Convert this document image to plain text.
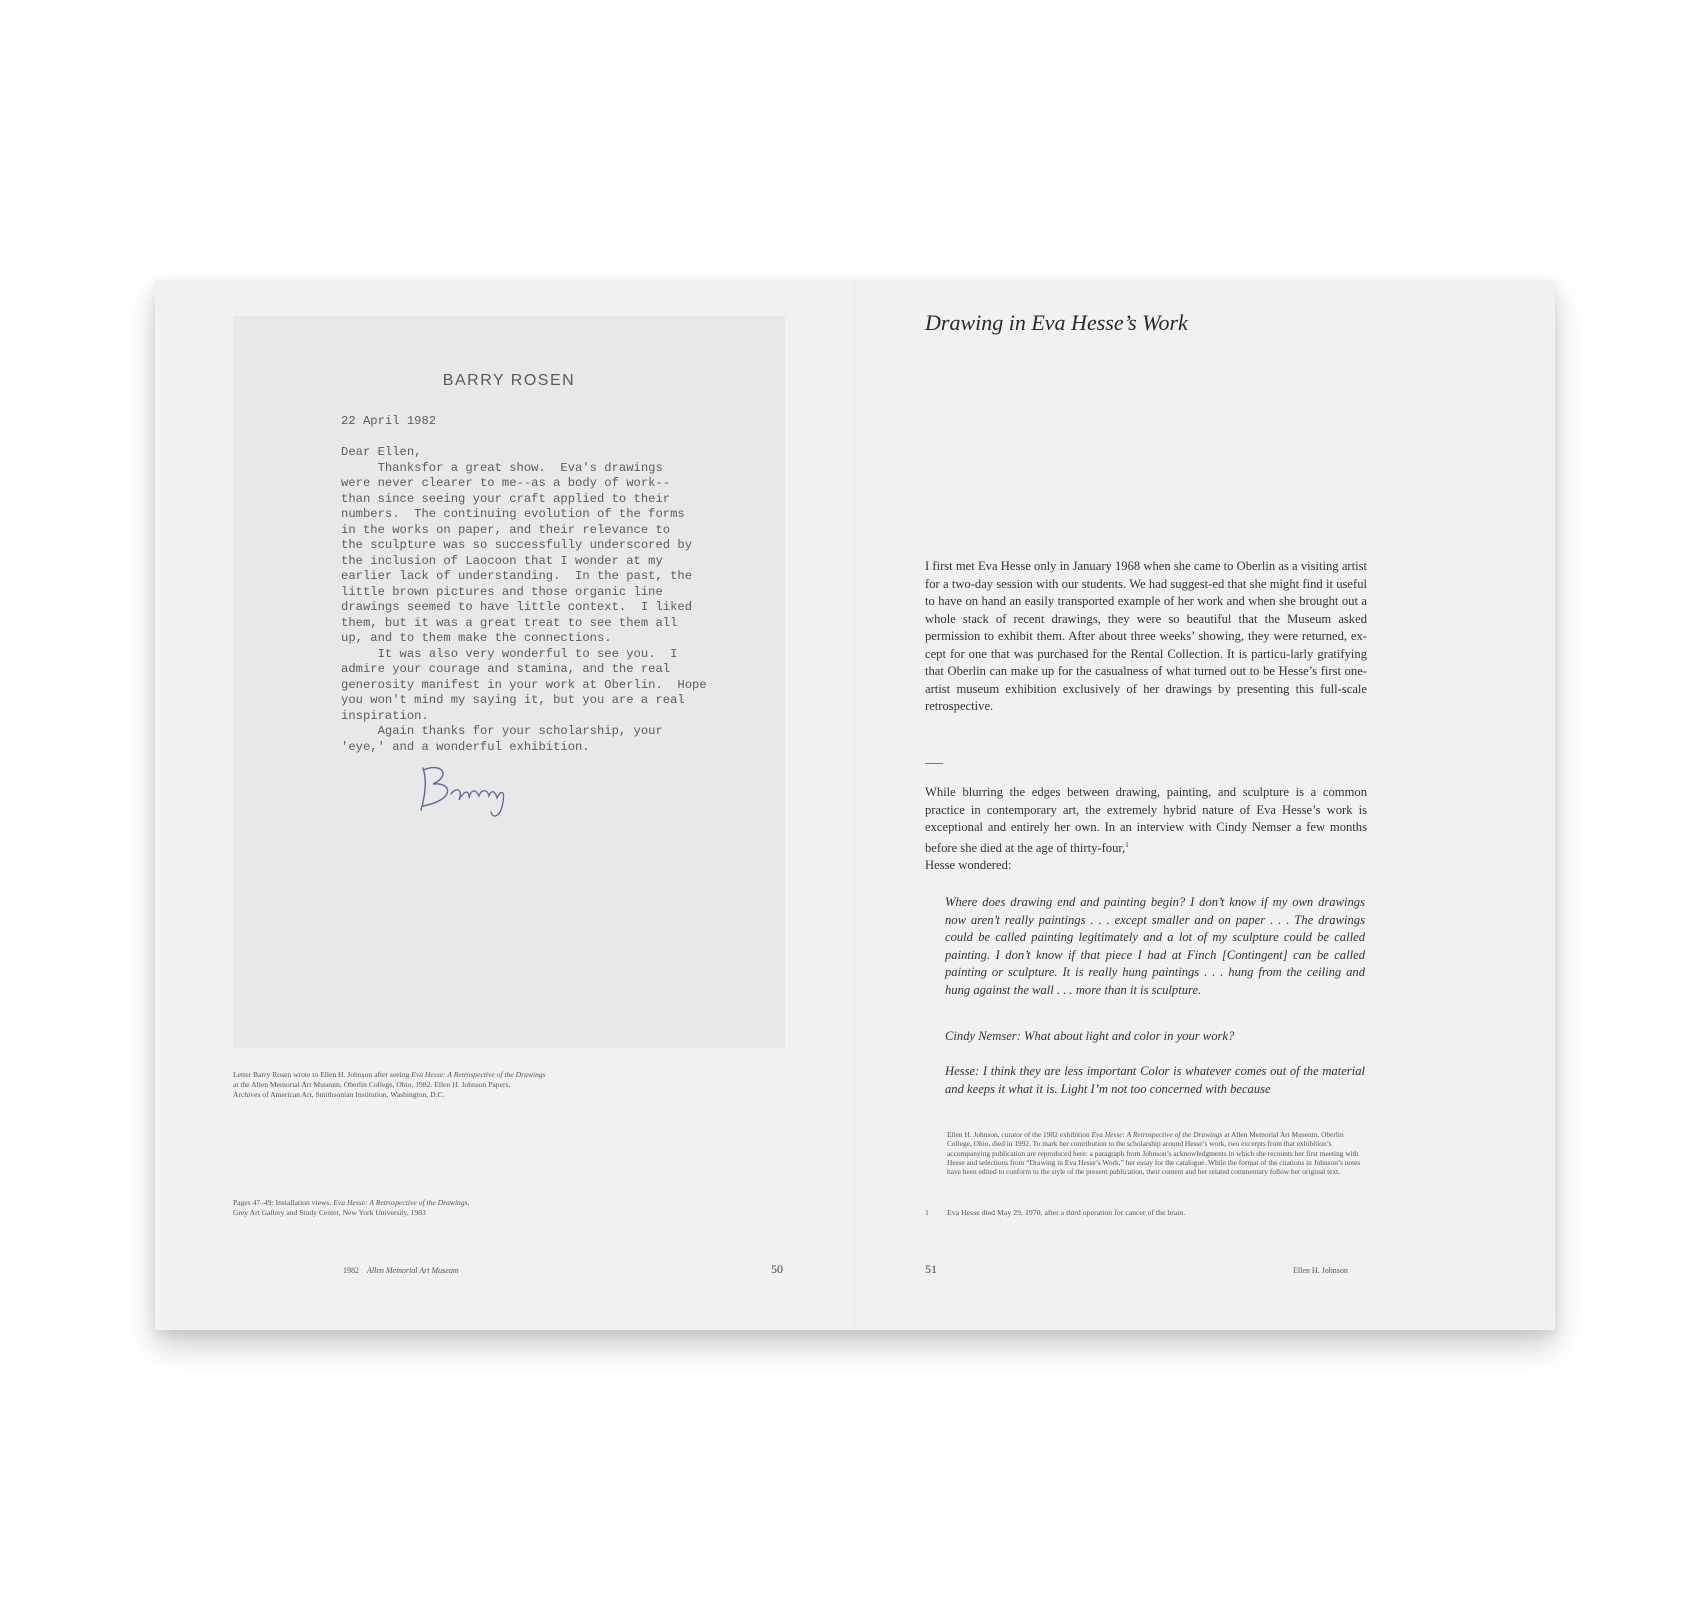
BARRY ROSEN
22 April 1982

Dear Ellen,
Thanksfor a great show.  Eva's drawings
were never clearer to me--as a body of work--
than since seeing your craft applied to their
numbers.  The continuing evolution of the forms
in the works on paper, and their relevance to
the sculpture was so successfully underscored by
the inclusion of Laocoon that I wonder at my
earlier lack of understanding.  In the past, the
little brown pictures and those organic line
drawings seemed to have little context.  I liked
them, but it was a great treat to see them all
up, and to them make the connections.
It was also very wonderful to see you.  I
admire your courage and stamina, and the real
generosity manifest in your work at Oberlin.  Hope
you won't mind my saying it, but you are a real
inspiration.
Again thanks for your scholarship, your
'eye,' and a wonderful exhibition.

Letter Barry Rosen wrote to Ellen H. Johnson after seeing Eva Hesse: A Retrospective of the Drawings

at the Allen Memorial Art Museum, Oberlin College, Ohio, 1982. Ellen H. Johnson Papers,

Archives of American Art, Smithsonian Institution, Washington, D.C.

Pages 47–49: Installation views, Eva Hesse: A Retrospective of the Drawings,

Grey Art Gallery and Study Center, New York University, 1983

1982 Allen Memorial Art Museum	50
Drawing in Eva Hesse’s Work

I first met Eva Hesse only in January 1968 when she came to Oberlin as a visiting artist for a two-day session with our students. We had suggest-ed that she might find it useful to have on hand an easily transported example of her work and when she brought out a whole stack of recent drawings, they were so beautiful that the Museum asked permission to exhibit them. After about three weeks’ showing, they were returned, ex-cept for one that was purchased for the Rental Collection. It is particu-larly gratifying that Oberlin can make up for the casualness of what turned out to be Hesse’s first one-artist museum exhibition exclusively of her drawings by presenting this full-scale retrospective.

While blurring the edges between drawing, painting, and sculpture is a common practice in contemporary art, the extremely hybrid nature of Eva Hesse’s work is exceptional and entirely her own. In an interview with Cindy Nemser a few months before she died at the age of thirty-four,$^1$
Hesse wondered:

Where does drawing end and painting begin? I don’t know if my own drawings now aren’t really paintings . . . except smaller and on paper . . . The drawings could be called painting legitimately and a lot of my sculpture could be called painting. I don’t know if that piece I had at Finch [Contingent] can be called painting or sculpture. It is really hung paintings . . . hung from the ceiling and hung against the wall . . . more than it is sculpture.

Cindy Nemser: What about light and color in your work?

Hesse: I think they are less important Color is whatever comes out of the material and keeps it what it is. Light I’m not too concerned with because

Ellen H. Johnson, curator of the 1982 exhibition Eva Hesse: A Retrospective of the Drawings at Allen Memorial Art Museum, Oberlin College, Ohio, died in 1992. To mark her contribution to the scholarship around Hesse’s work, two excerpts from that exhibition’s accompanying publication are reproduced here: a paragraph from Johnson’s acknowledgments in which she recounts her first meeting with Hesse and selections from “Drawing in Eva Hesse’s Work,” her essay for the catalogue. While the format of the citations in Johnson’s notes have been edited to conform to the style of the present publication, their content and her related commentary follow her original text.

1 Eva Hesse died May 29, 1970, after a third operation for cancer of the brain.
51	Ellen H. Johnson
